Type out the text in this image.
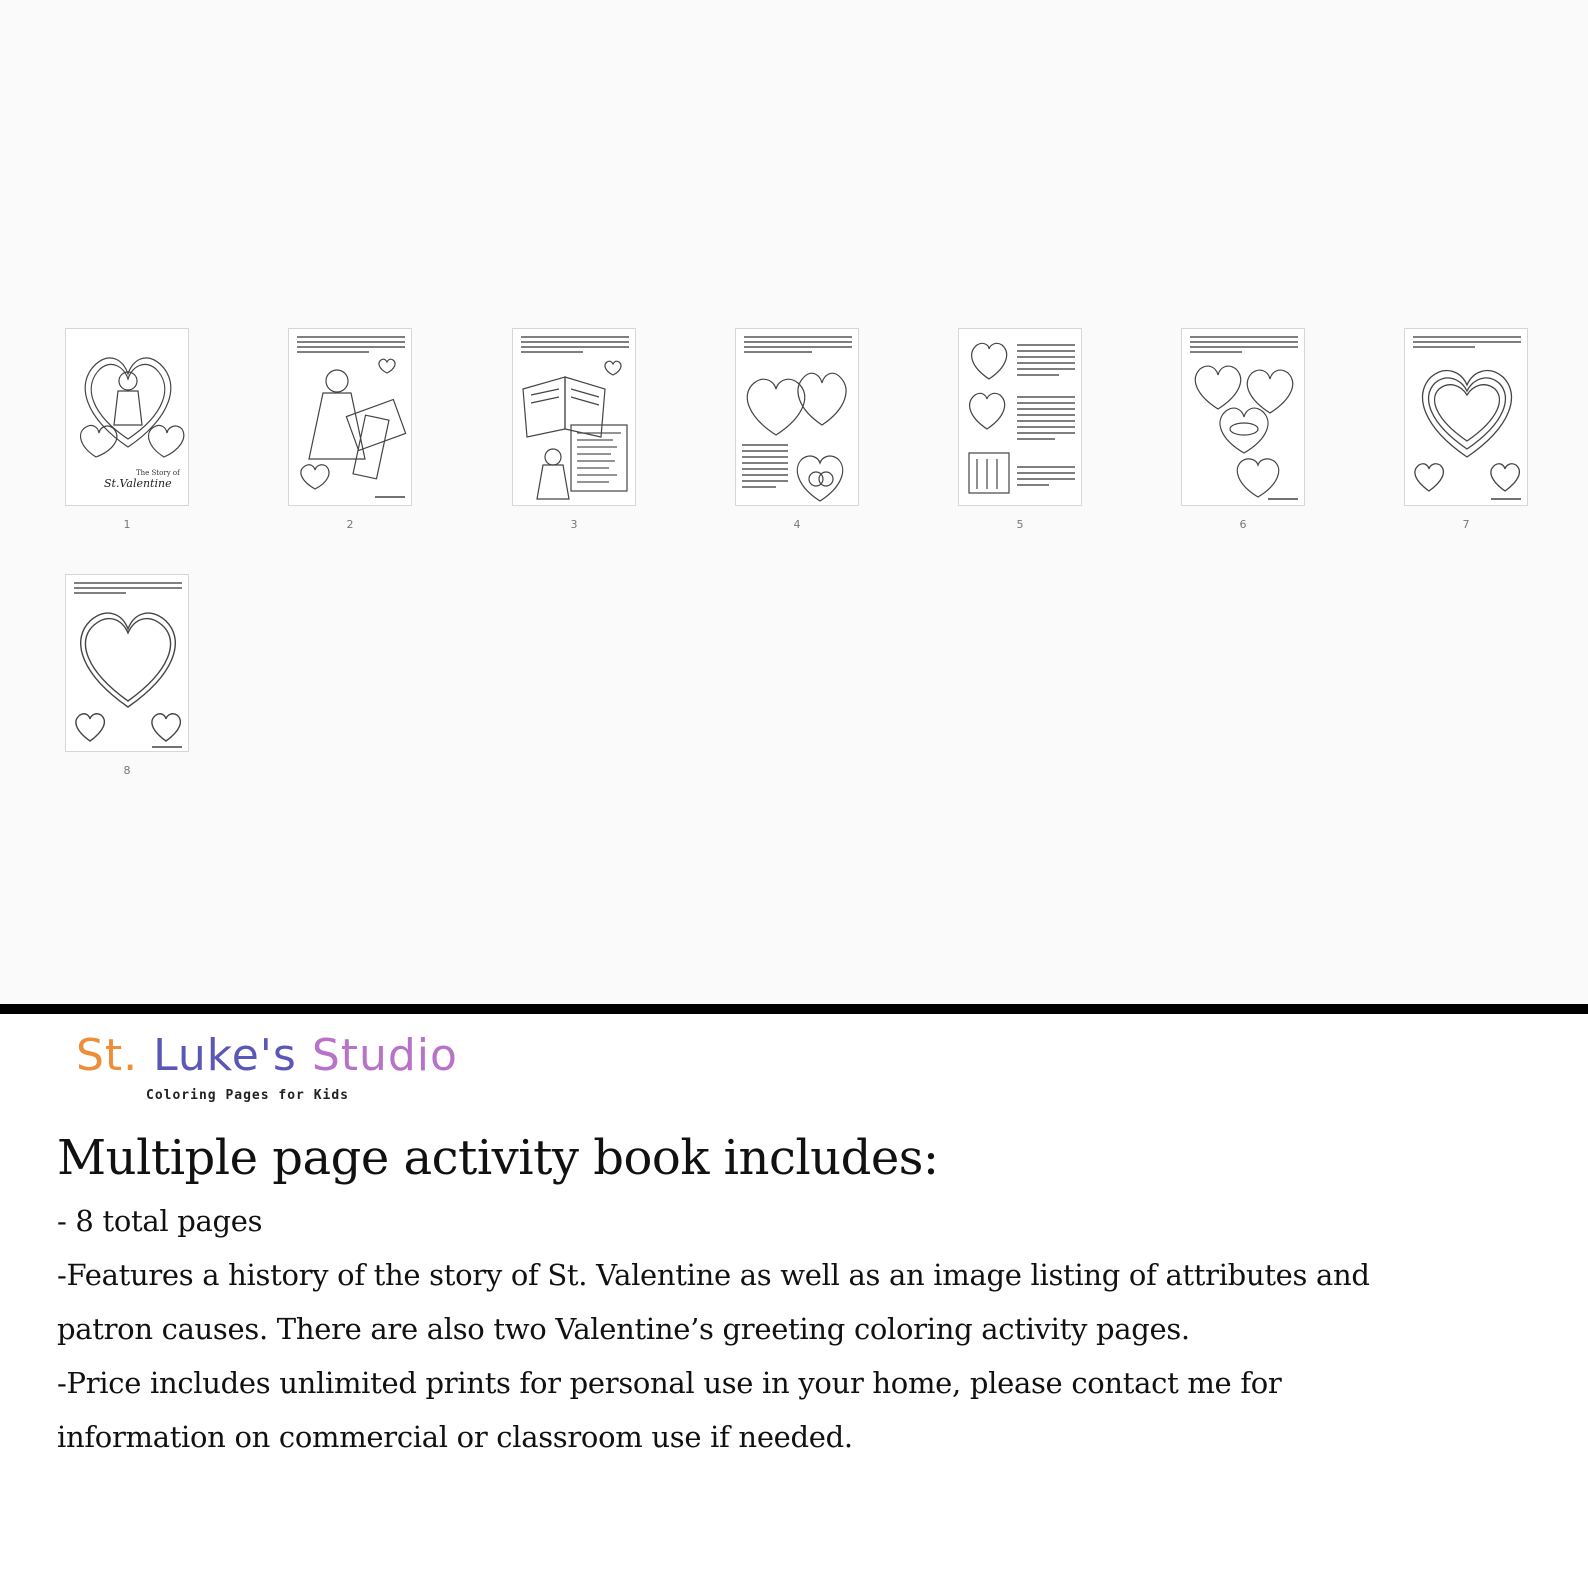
The Story of
St.Valentine
1	2	3	4	5	6	7
8
St. Luke's Studio
Coloring Pages for Kids
Multiple page activity book includes:
- 8 total pages
-Features a history of the story of St. Valentine as well as an image listing of attributes and
patron causes. There are also two Valentine’s greeting coloring activity pages.
-Price includes unlimited prints for personal use in your home, please contact me for
information on commercial or classroom use if needed.
